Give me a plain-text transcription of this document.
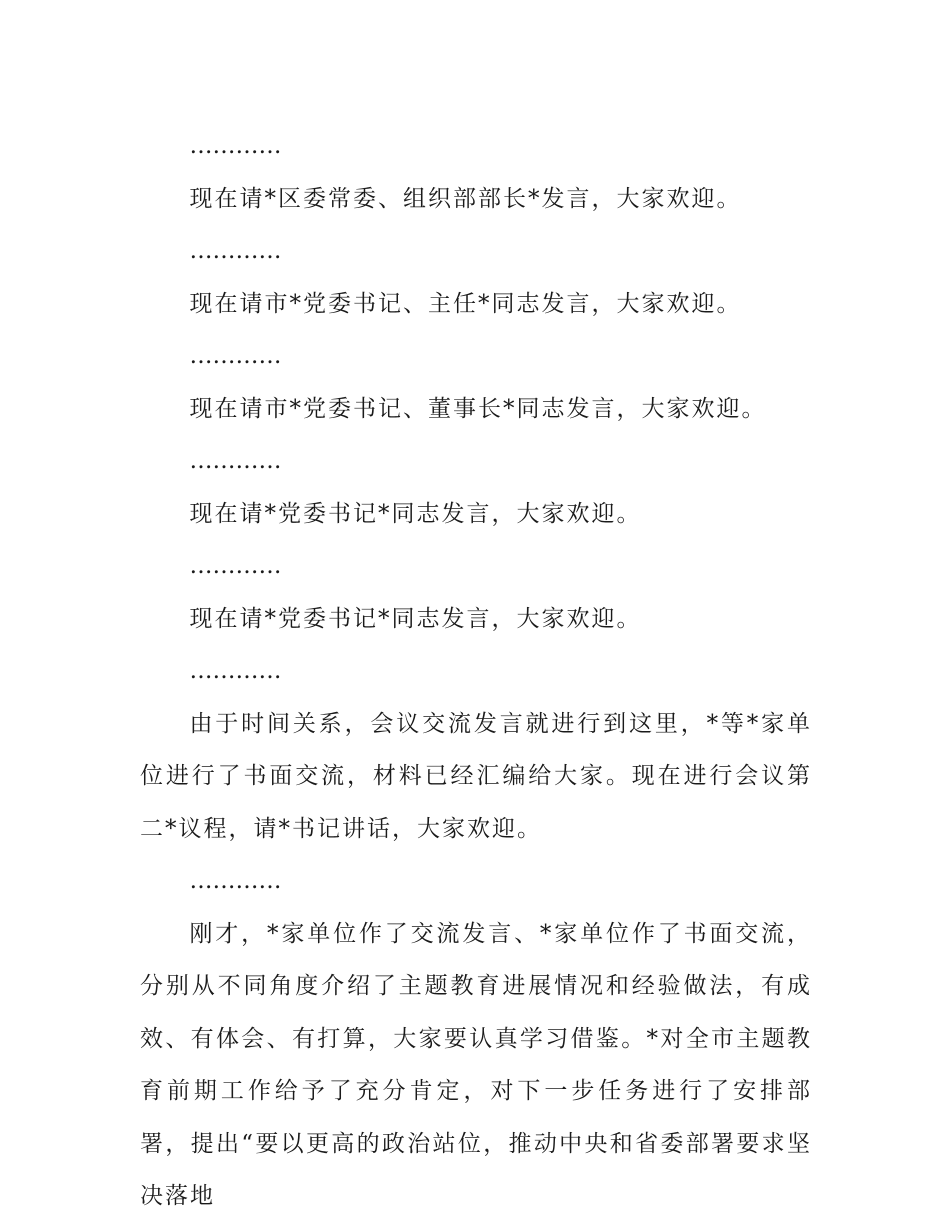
…………

现在请*区委常委、组织部部长*发言，大家欢迎。

…………

现在请市*党委书记、主任*同志发言，大家欢迎。

…………

现在请市*党委书记、董事长*同志发言，大家欢迎。

…………

现在请*党委书记*同志发言，大家欢迎。

…………

现在请*党委书记*同志发言，大家欢迎。

…………

由于时间关系，会议交流发言就进行到这里，*等*家单位进行了书面交流，材料已经汇编给大家。现在进行会议第二*议程，请*书记讲话，大家欢迎。

…………

刚才，*家单位作了交流发言、*家单位作了书面交流，分别从不同角度介绍了主题教育进展情况和经验做法，有成效、有体会、有打算，大家要认真学习借鉴。*对全市主题教育前期工作给予了充分肯定，对下一步任务进行了安排部署，提出“要以更高的政治站位，推动中央和省委部署要求坚决落地
